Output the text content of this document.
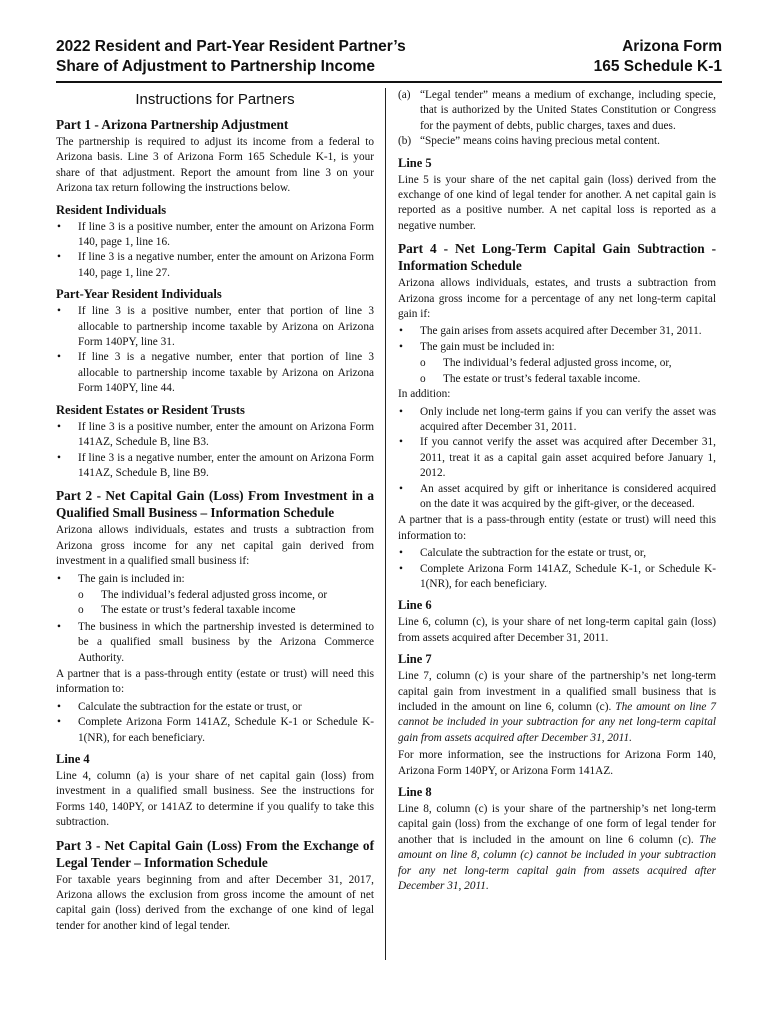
2022 Resident and Part-Year Resident Partner’s
Share of Adjustment to Partnership Income
Arizona Form
165 Schedule K-1
Instructions for Partners
Part 1 - Arizona Partnership Adjustment

The partnership is required to adjust its income from a federal to Arizona basis. Line 3 of Arizona Form 165 Schedule K-1, is your share of that adjustment. Report the amount from line 3 on your Arizona tax return following the instructions below.

Resident Individuals
• If line 3 is a positive number, enter the amount on Arizona Form 140, page 1, line 16.
• If line 3 is a negative number, enter the amount on Arizona Form 140, page 1, line 27.
Part-Year Resident Individuals
• If line 3 is a positive number, enter that portion of line 3 allocable to partnership income taxable by Arizona on Arizona Form 140PY, line 31.
• If line 3 is a negative number, enter that portion of line 3 allocable to partnership income taxable by Arizona on Arizona Form 140PY, line 44.
Resident Estates or Resident Trusts
• If line 3 is a positive number, enter the amount on Arizona Form 141AZ, Schedule B, line B3.
• If line 3 is a negative number, enter the amount on Arizona Form 141AZ, Schedule B, line B9.
Part 2 - Net Capital Gain (Loss) From Investment in a Qualified Small Business – Information Schedule

Arizona allows individuals, estates and trusts a subtraction from Arizona gross income for any net capital gain derived from investment in a qualified small business if:

• The gain is included in:
o The individual’s federal adjusted gross income, or
o The estate or trust’s federal taxable income
• The business in which the partnership invested is determined to be a qualified small business by the Arizona Commerce Authority.

A partner that is a pass-through entity (estate or trust) will need this information to:

• Calculate the subtraction for the estate or trust, or
• Complete Arizona Form 141AZ, Schedule K-1 or Schedule K-1(NR), for each beneficiary.
Line 4

Line 4, column (a) is your share of net capital gain (loss) from investment in a qualified small business. See the instructions for Forms 140, 140PY, or 141AZ to determine if you qualify to take this subtraction.

Part 3 - Net Capital Gain (Loss) From the Exchange of Legal Tender – Information Schedule

For taxable years beginning from and after December 31, 2017, Arizona allows the exclusion from gross income the amount of net capital gain (loss) derived from the exchange of one kind of legal tender for another kind of legal tender.

(a) “Legal tender” means a medium of exchange, including specie, that is authorized by the United States Constitution or Congress for the payment of debts, public charges, taxes and dues.
(b) “Specie” means coins having precious metal content.
Line 5

Line 5 is your share of the net capital gain (loss) derived from the exchange of one kind of legal tender for another. A net capital gain is reported as a positive number. A net capital loss is reported as a negative number.

Part 4 - Net Long-Term Capital Gain Subtraction - Information Schedule

Arizona allows individuals, estates, and trusts a subtraction from Arizona gross income for a percentage of any net long-term capital gain if:

• The gain arises from assets acquired after December 31, 2011.
• The gain must be included in:
o The individual’s federal adjusted gross income, or,
o The estate or trust’s federal taxable income.

In addition:

• Only include net long-term gains if you can verify the asset was acquired after December 31, 2011.
• If you cannot verify the asset was acquired after December 31, 2011, treat it as a capital gain asset acquired before January 1, 2012.
• An asset acquired by gift or inheritance is considered acquired on the date it was acquired by the gift-giver, or the deceased.

A partner that is a pass-through entity (estate or trust) will need this information to:

• Calculate the subtraction for the estate or trust, or,
• Complete Arizona Form 141AZ, Schedule K-1, or Schedule K-1(NR), for each beneficiary.
Line 6

Line 6, column (c), is your share of net long-term capital gain (loss) from assets acquired after December 31, 2011.

Line 7

Line 7, column (c) is your share of the partnership’s net long-term capital gain from investment in a qualified small business that is included in the amount on line 6, column (c). The amount on line 7 cannot be included in your subtraction for any net long-term capital gain from assets acquired after December 31, 2011.

For more information, see the instructions for Arizona Form 140, Arizona Form 140PY, or Arizona Form 141AZ.

Line 8

Line 8, column (c) is your share of the partnership’s net long-term capital gain (loss) from the exchange of one form of legal tender for another that is included in the amount on line 6 column (c). The amount on line 8, column (c) cannot be included in your subtraction for any net long-term capital gain from assets acquired after December 31, 2011.
